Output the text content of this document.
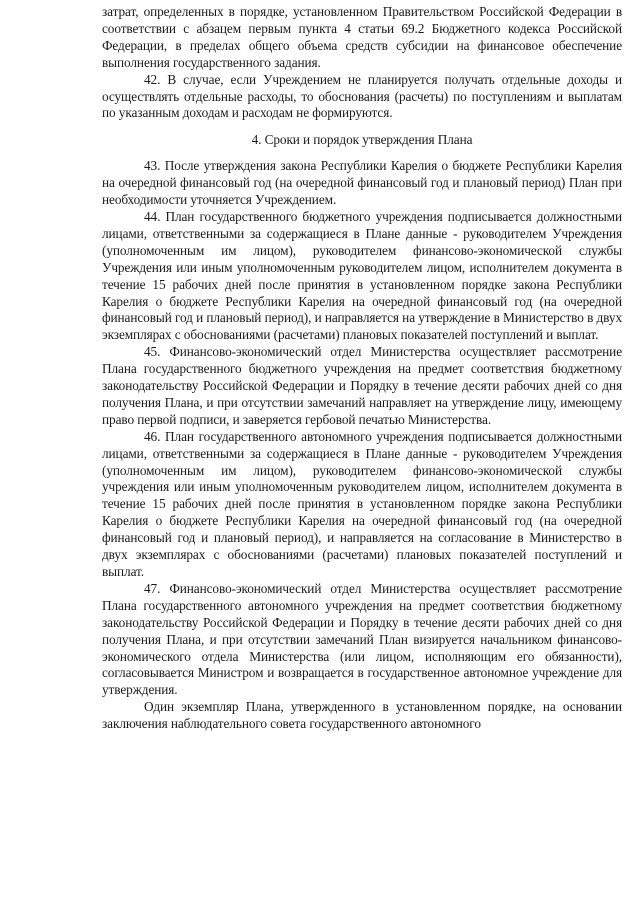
затрат, определенных в порядке, установленном Правительством Российской Федерации в соответствии с абзацем первым пункта 4 статьи 69.2 Бюджетного кодекса Российской Федерации, в пределах общего объема средств субсидии на финансовое обеспечение выполнения государственного задания.

42. В случае, если Учреждением не планируется получать отдельные доходы и осуществлять отдельные расходы, то обоснования (расчеты) по поступлениям и выплатам по указанным доходам и расходам не формируются.

4. Сроки и порядок утверждения Плана

43. После утверждения закона Республики Карелия о бюджете Республики Карелия на очередной финансовый год (на очередной финансовый год и плановый период) План при необходимости уточняется Учреждением.

44. План государственного бюджетного учреждения подписывается должностными лицами, ответственными за содержащиеся в Плане данные - руководителем Учреждения (уполномоченным им лицом), руководителем финансово-экономической службы Учреждения или иным уполномоченным руководителем лицом, исполнителем документа в течение 15 рабочих дней после принятия в установленном порядке закона Республики Карелия о бюджете Республики Карелия на очередной финансовый год (на очередной финансовый год и плановый период), и направляется на утверждение в Министерство в двух экземплярах с обоснованиями (расчетами) плановых показателей поступлений и выплат.

45. Финансово-экономический отдел Министерства осуществляет рассмотрение Плана государственного бюджетного учреждения на предмет соответствия бюджетному законодательству Российской Федерации и Порядку в течение десяти рабочих дней со дня получения Плана, и при отсутствии замечаний направляет на утверждение лицу, имеющему право первой подписи, и заверяется гербовой печатью Министерства.

46. План государственного автономного учреждения подписывается должностными лицами, ответственными за содержащиеся в Плане данные - руководителем Учреждения (уполномоченным им лицом), руководителем финансово-экономической службы учреждения или иным уполномоченным руководителем лицом, исполнителем документа в течение 15 рабочих дней после принятия в установленном порядке закона Республики Карелия о бюджете Республики Карелия на очередной финансовый год (на очередной финансовый год и плановый период), и направляется на согласование в Министерство в двух экземплярах с обоснованиями (расчетами) плановых показателей поступлений и выплат.

47. Финансово-экономический отдел Министерства осуществляет рассмотрение Плана государственного автономного учреждения на предмет соответствия бюджетному законодательству Российской Федерации и Порядку в течение десяти рабочих дней со дня получения Плана, и при отсутствии замечаний План визируется начальником финансово-экономического отдела Министерства (или лицом, исполняющим его обязанности), согласовывается Министром и возвращается в государственное автономное учреждение для утверждения.

Один экземпляр Плана, утвержденного в установленном порядке, на основании заключения наблюдательного совета государственного автономного
